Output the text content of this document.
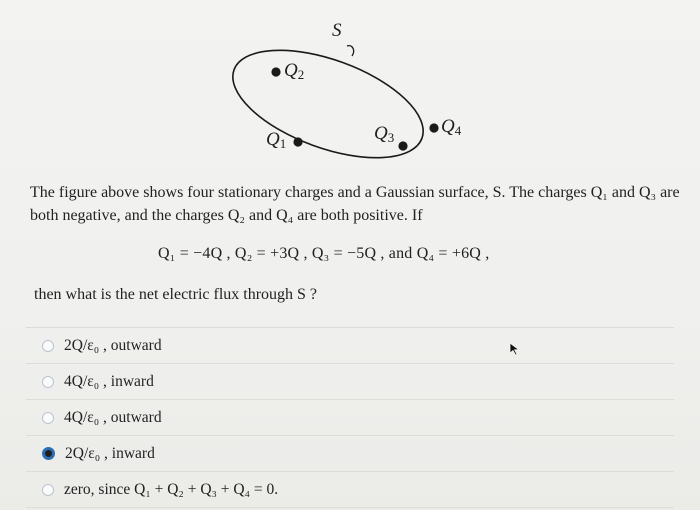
S
$Q_2$
$Q_1$	$Q_3$
$Q_4$

The figure above shows four stationary charges and a Gaussian surface, S. The charges Q₁ and Q₃ are both negative, and the charges Q₂ and Q₄ are both positive. If

Q₁ = −4Q , Q₂ = +3Q , Q₃ = −5Q , and Q₄ = +6Q ,
then what is the net electric flux through S ?
2Q/ε₀ , outward
4Q/ε₀ , inward
4Q/ε₀ , outward
2Q/ε₀ , inward
zero, since Q₁ + Q₂ + Q₃ + Q₄ = 0.
